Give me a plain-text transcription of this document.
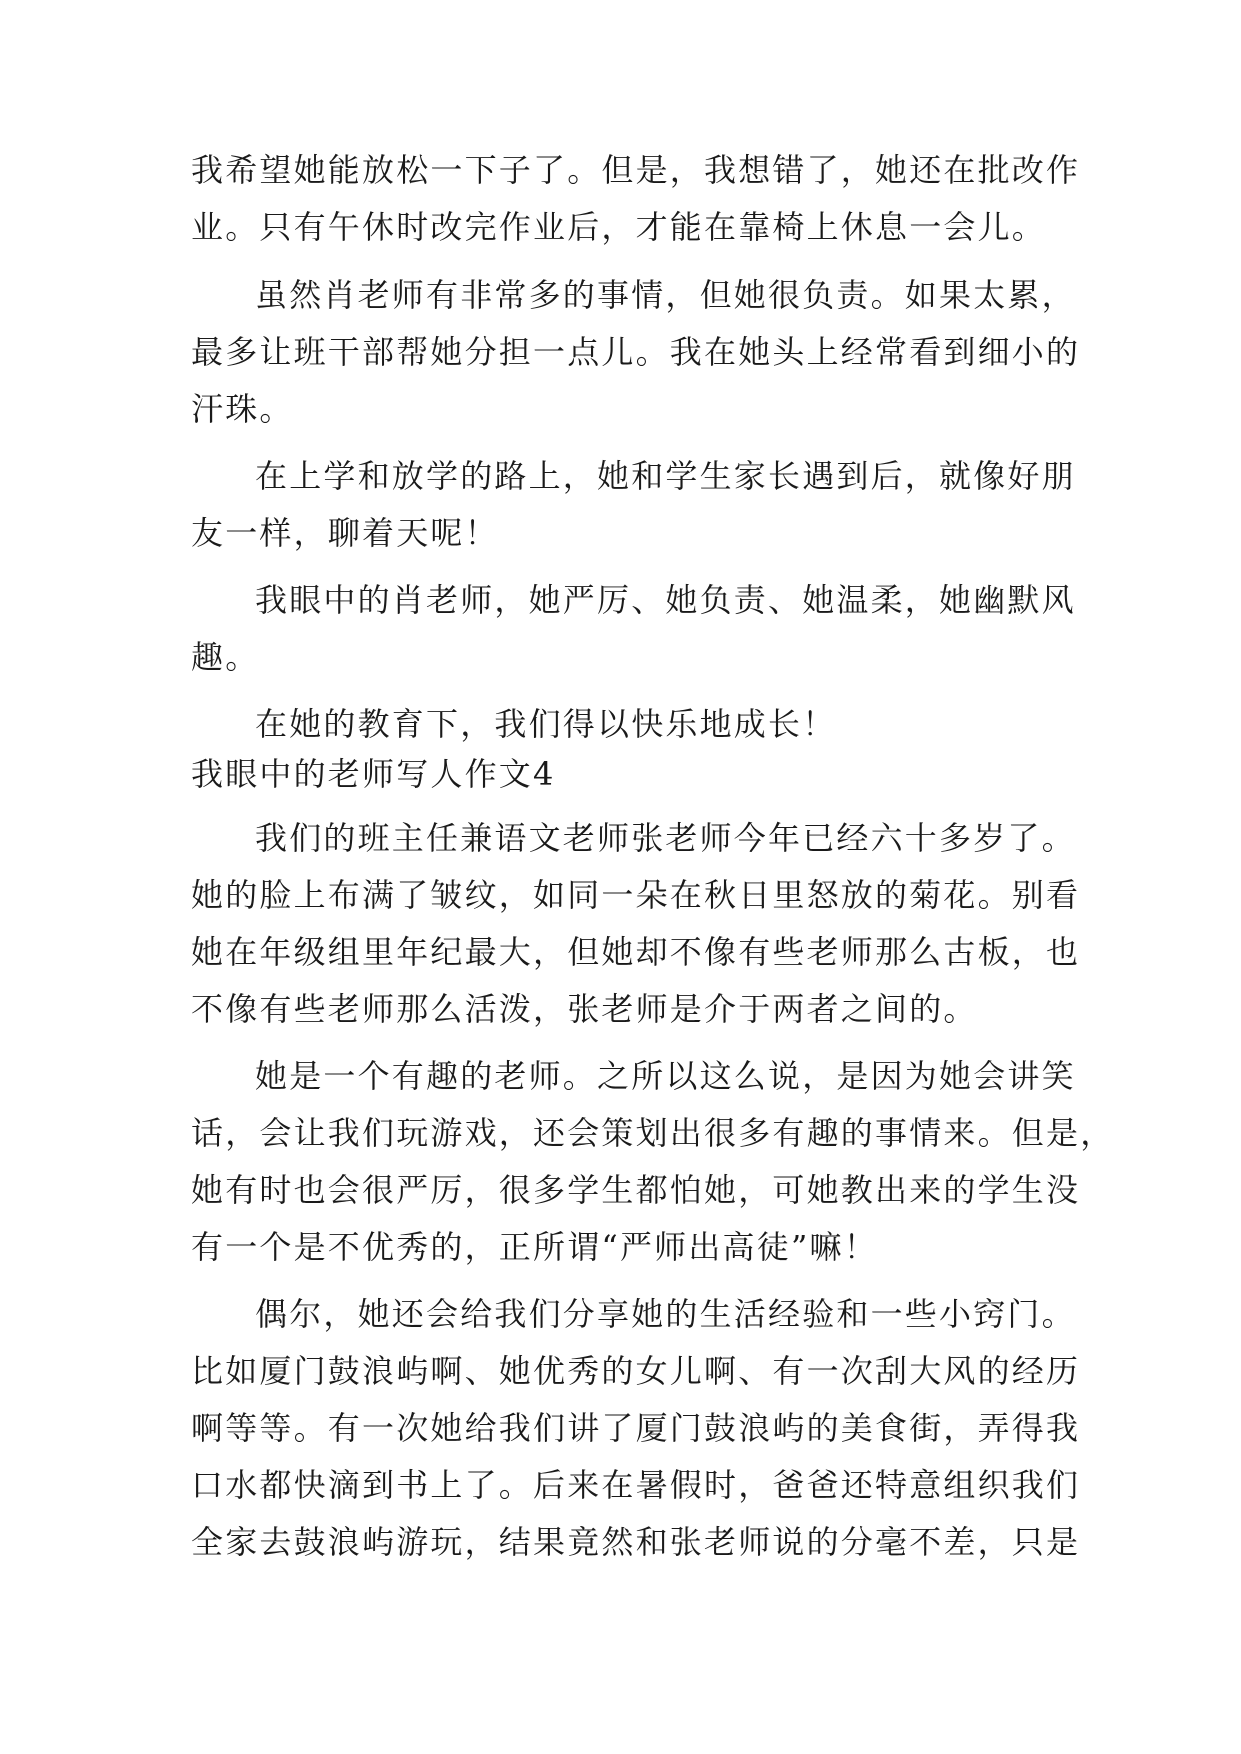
我希望她能放松一下子了。但是，我想错了，她还在批改作
业。只有午休时改完作业后，才能在靠椅上休息一会儿。
虽然肖老师有非常多的事情，但她很负责。如果太累，
最多让班干部帮她分担一点儿。我在她头上经常看到细小的
汗珠。
在上学和放学的路上，她和学生家长遇到后，就像好朋
友一样，聊着天呢！
我眼中的肖老师，她严厉、她负责、她温柔，她幽默风
趣。
在她的教育下，我们得以快乐地成长！
我眼中的老师写人作文4
我们的班主任兼语文老师张老师今年已经六十多岁了。
她的脸上布满了皱纹，如同一朵在秋日里怒放的菊花。别看
她在年级组里年纪最大，但她却不像有些老师那么古板，也
不像有些老师那么活泼，张老师是介于两者之间的。
她是一个有趣的老师。之所以这么说，是因为她会讲笑
话，会让我们玩游戏，还会策划出很多有趣的事情来。但是，
她有时也会很严厉，很多学生都怕她，可她教出来的学生没
有一个是不优秀的，正所谓“严师出高徒”嘛！
偶尔，她还会给我们分享她的生活经验和一些小窍门。
比如厦门鼓浪屿啊、她优秀的女儿啊、有一次刮大风的经历
啊等等。有一次她给我们讲了厦门鼓浪屿的美食街，弄得我
口水都快滴到书上了。后来在暑假时，爸爸还特意组织我们
全家去鼓浪屿游玩，结果竟然和张老师说的分毫不差，只是
